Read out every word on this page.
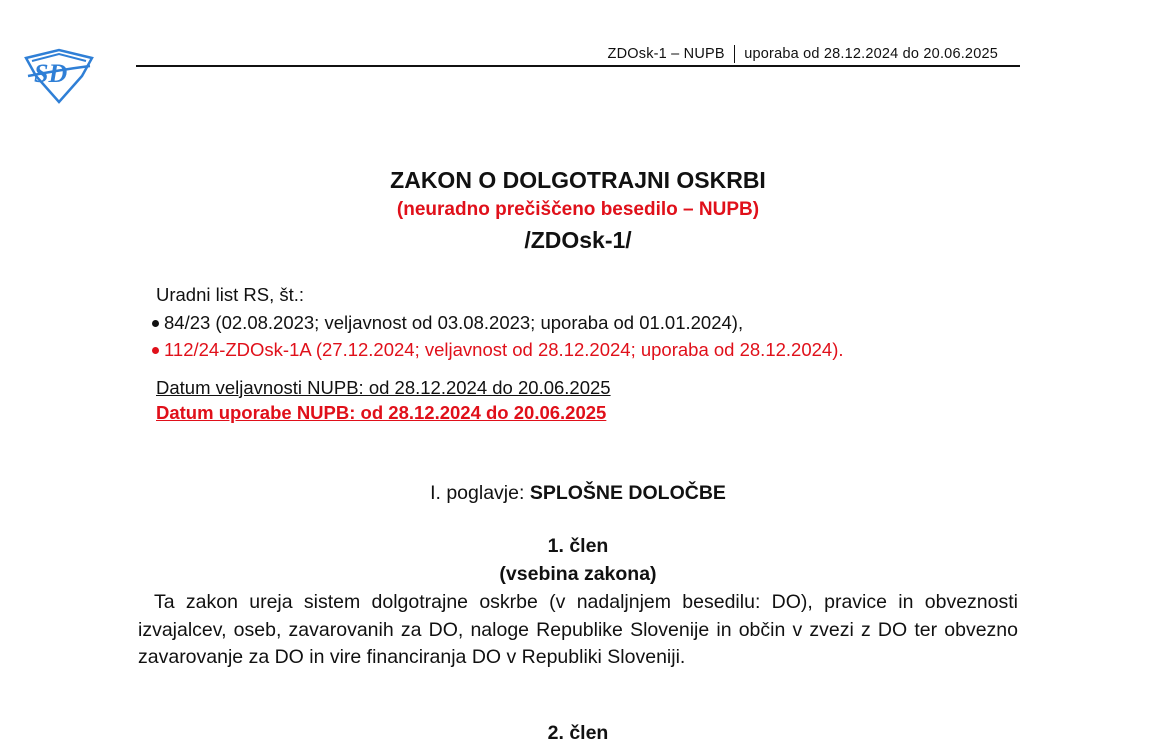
SD
ZDOsk-1 – NUPB uporaba od 28.12.2024 do 20.06.2025
ZAKON O DOLGOTRAJNI OSKRBI
(neuradno prečiščeno besedilo – NUPB)
/ZDOsk-1/
Uradni list RS, št.:
84/23 (02.08.2023; veljavnost od 03.08.2023; uporaba od 01.01.2024),
112/24-ZDOsk-1A (27.12.2024; veljavnost od 28.12.2024; uporaba od 28.12.2024).
Datum veljavnosti NUPB: od 28.12.2024 do 20.06.2025
Datum uporabe NUPB: od 28.12.2024 do 20.06.2025
I. poglavje: SPLOŠNE DOLOČBE
1. člen
(vsebina zakona)
Ta zakon ureja sistem dolgotrajne oskrbe (v nadaljnjem besedilu: DO), pravice in obveznosti izvajalcev, oseb, zavarovanih za DO, naloge Republike Slovenije in občin v zvezi z DO ter obvezno zavarovanje za DO in vire financiranja DO v Republiki Sloveniji.
2. člen
